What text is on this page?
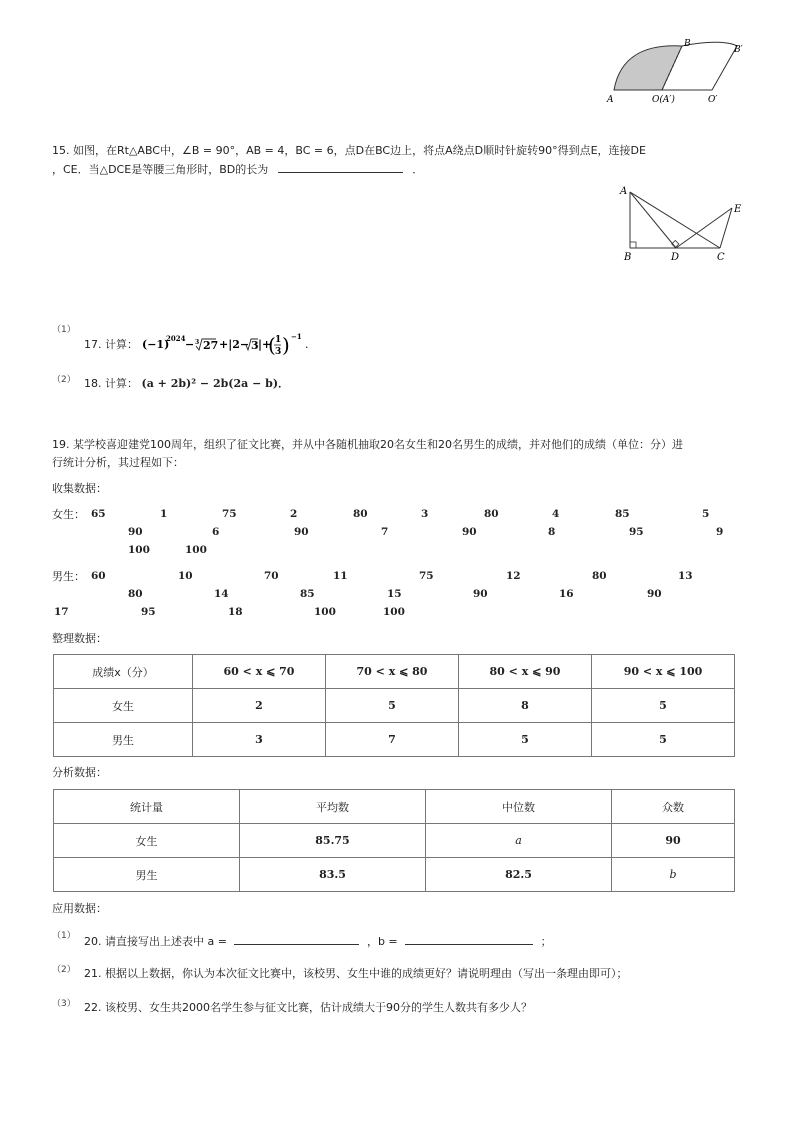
A	O(A′)	O′
B
B′
15. 如图，在Rt△ABC中，∠B = 90°，AB = 4，BC = 6，点D在BC边上，将点A绕点D顺时针旋转90°得到点E，连接DE
，CE．当△DCE是等腰三角形时，BD的长为	．
A
E
B	D	C
（1）
17. 计算： (−1)
2024 − 3 27 +|2− 3 |+
( 1
3 )
−1
.
（2） 18. 计算： (a + 2b)² − 2b(2a − b)．
19. 某学校喜迎建党100周年，组织了征文比赛，并从中各随机抽取20名女生和20名男生的成绩，并对他们的成绩（单位：分）进
行统计分析，其过程如下：
收集数据：
女生： 65	1	75	2	80	3	80	4	85	5
90	6	90	7	90	8	95	9
100	100
男生： 60	10	70	11	75	12	80	13
80	14	85	15	90	16	90
17	95	18	100	100
整理数据：
成绩x（分）	60 < x ⩽ 70	70 < x ⩽ 80	80 < x ⩽ 90	90 < x ⩽ 100
女生	2	5	8	5
男生	3	7	5	5
分析数据：
统计量	平均数	中位数	众数
女生	85.75	a	90
男生	83.5	82.5	b
应用数据：
（1） 20. 请直接写出上述表中 a =	，b =	；
（2） 21. 根据以上数据，你认为本次征文比赛中，该校男、女生中谁的成绩更好？请说明理由（写出一条理由即可）；
（3） 22. 该校男、女生共2000名学生参与征文比赛，估计成绩大于90分的学生人数共有多少人？
